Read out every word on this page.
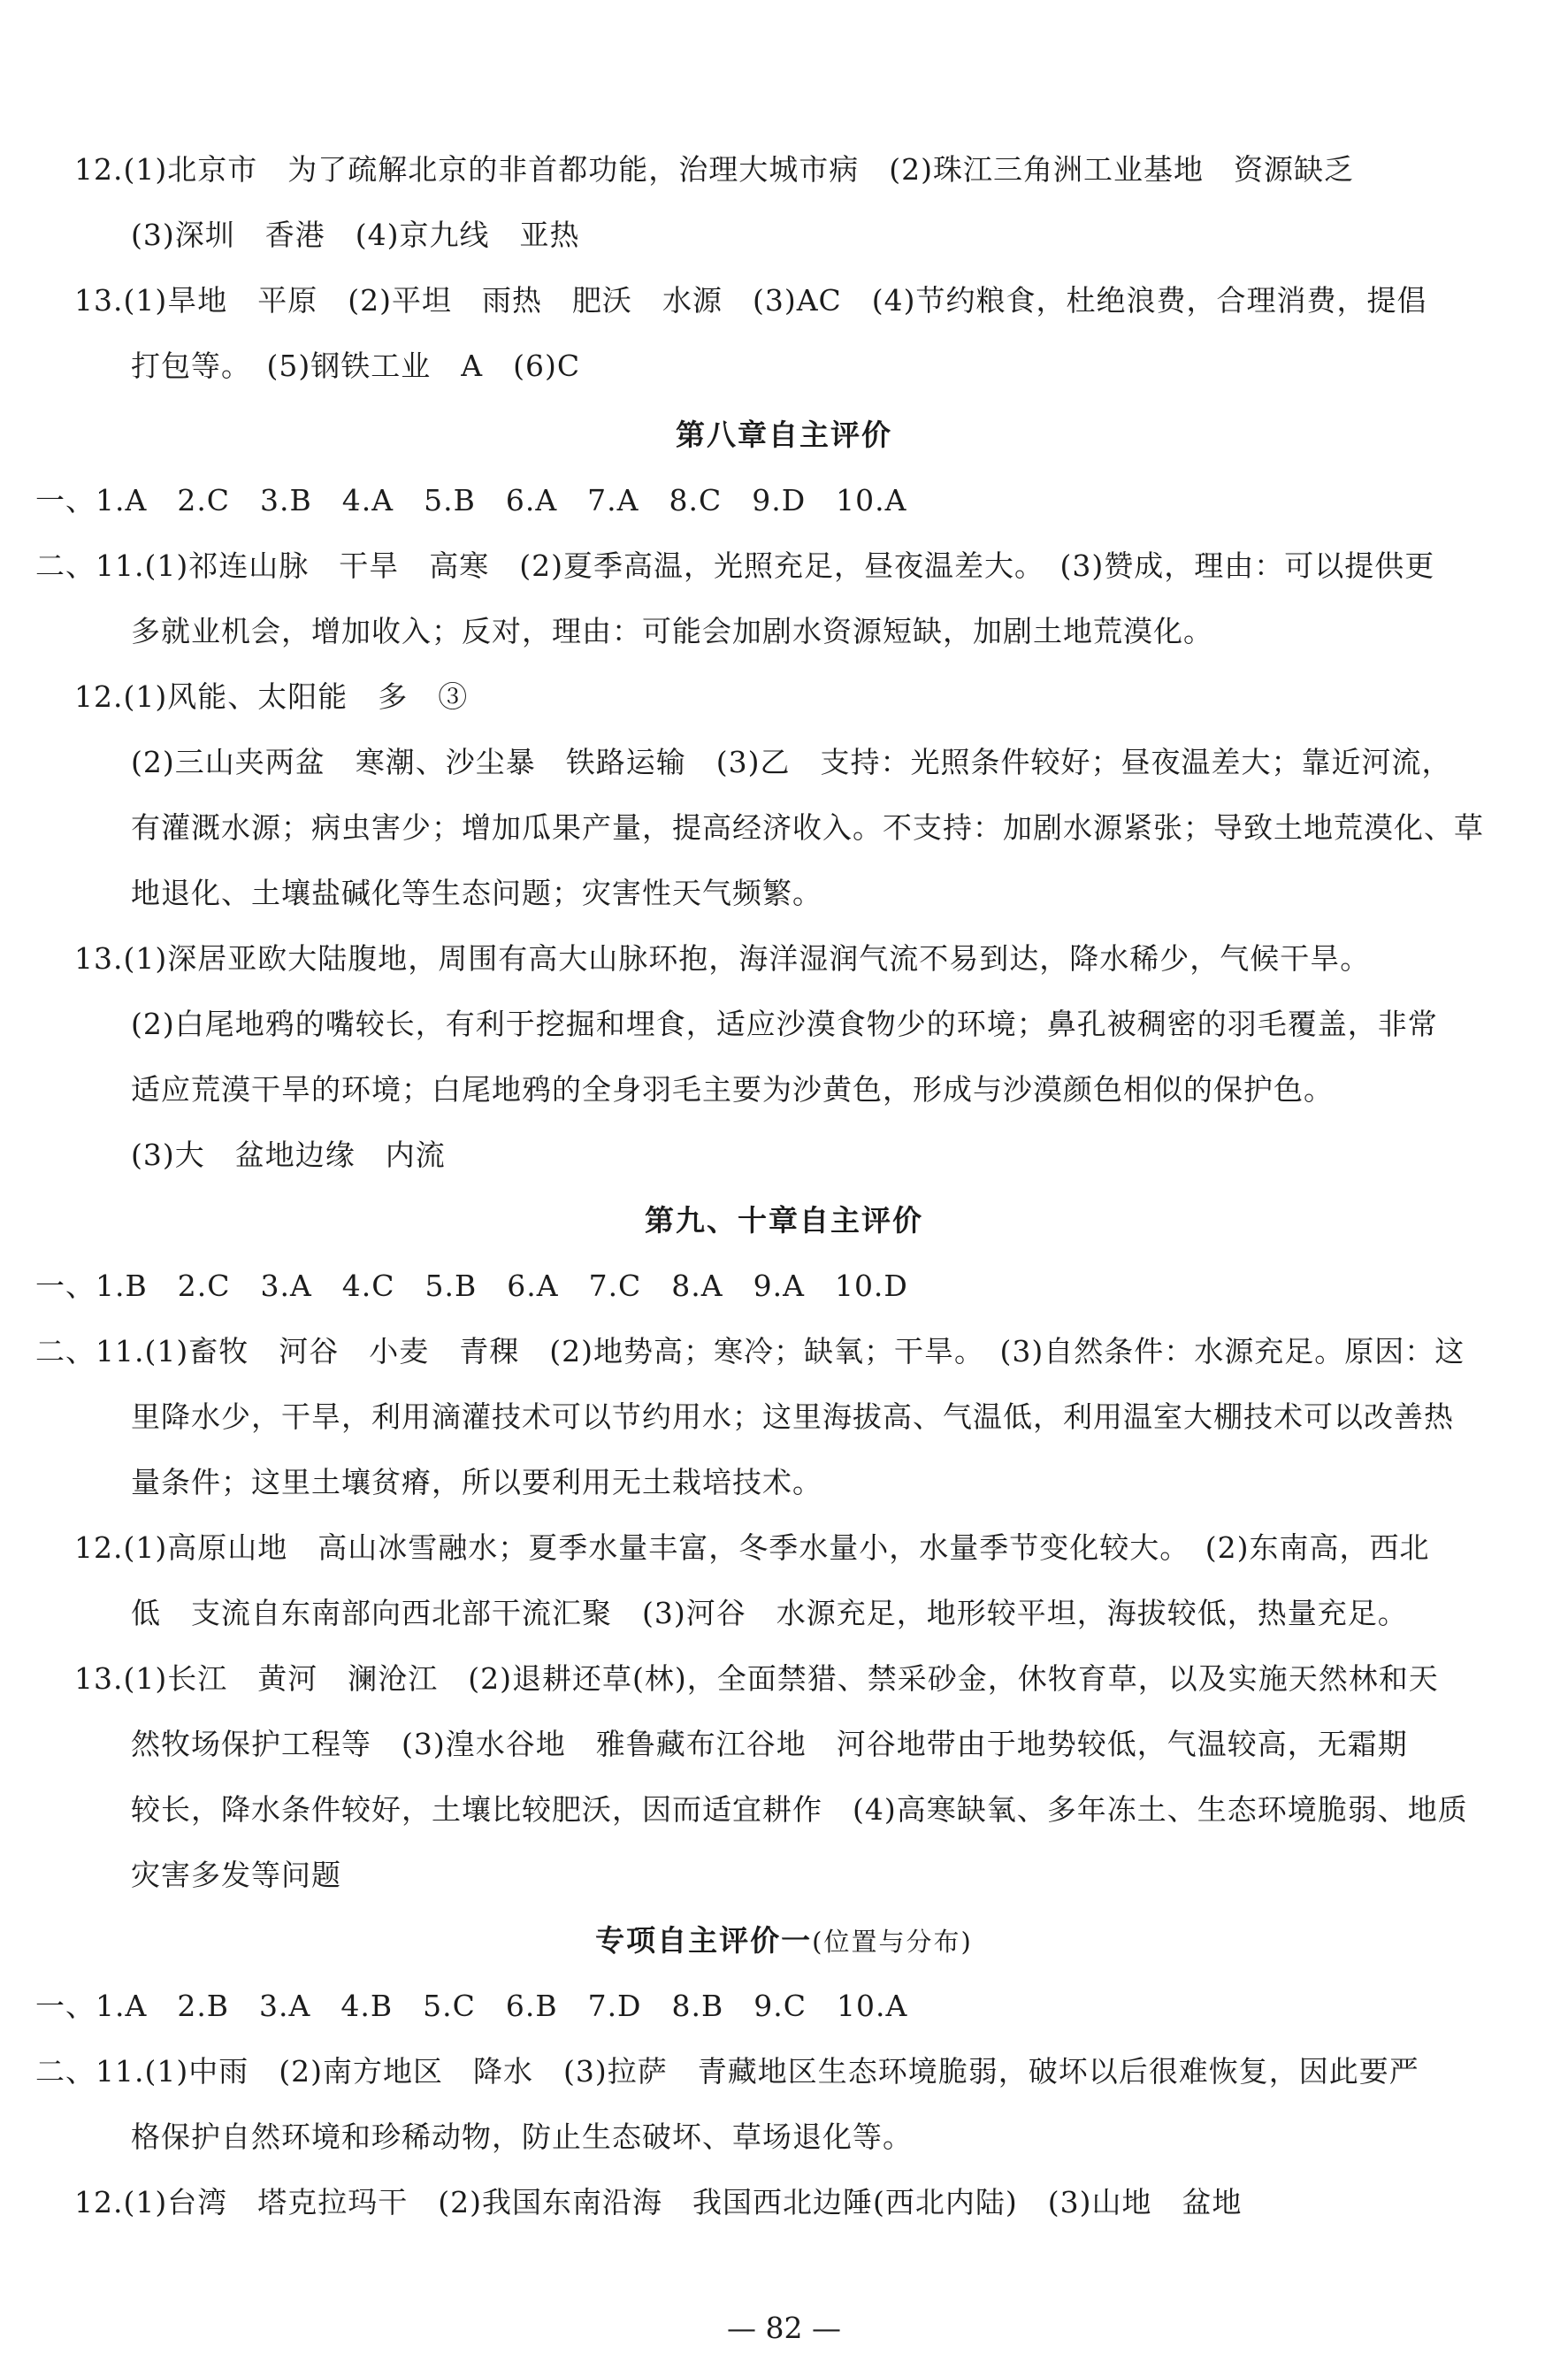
12.(1)北京市　为了疏解北京的非首都功能，治理大城市病　(2)珠江三角洲工业基地　资源缺乏
(3)深圳　香港　(4)京九线　亚热
13.(1)旱地　平原　(2)平坦　雨热　肥沃　水源　(3)AC　(4)节约粮食，杜绝浪费，合理消费，提倡
打包等。　(5)钢铁工业　A　(6)C
第八章自主评价
一、1.A　2.C　3.B　4.A　5.B　6.A　7.A　8.C　9.D　10.A
二、11.(1)祁连山脉　干旱　高寒　(2)夏季高温，光照充足，昼夜温差大。　(3)赞成，理由：可以提供更
多就业机会，增加收入；反对，理由：可能会加剧水资源短缺，加剧土地荒漠化。
12.(1)风能、太阳能　多　③
(2)三山夹两盆　寒潮、沙尘暴　铁路运输　(3)乙　支持：光照条件较好；昼夜温差大；靠近河流，
有灌溉水源；病虫害少；增加瓜果产量，提高经济收入。不支持：加剧水源紧张；导致土地荒漠化、草
地退化、土壤盐碱化等生态问题；灾害性天气频繁。
13.(1)深居亚欧大陆腹地，周围有高大山脉环抱，海洋湿润气流不易到达，降水稀少，气候干旱。
(2)白尾地鸦的嘴较长，有利于挖掘和埋食，适应沙漠食物少的环境；鼻孔被稠密的羽毛覆盖，非常
适应荒漠干旱的环境；白尾地鸦的全身羽毛主要为沙黄色，形成与沙漠颜色相似的保护色。
(3)大　盆地边缘　内流
第九、十章自主评价
一、1.B　2.C　3.A　4.C　5.B　6.A　7.C　8.A　9.A　10.D
二、11.(1)畜牧　河谷　小麦　青稞　(2)地势高；寒冷；缺氧；干旱。　(3)自然条件：水源充足。原因：这
里降水少，干旱，利用滴灌技术可以节约用水；这里海拔高、气温低，利用温室大棚技术可以改善热
量条件；这里土壤贫瘠，所以要利用无土栽培技术。
12.(1)高原山地　高山冰雪融水；夏季水量丰富，冬季水量小，水量季节变化较大。　(2)东南高，西北
低　支流自东南部向西北部干流汇聚　(3)河谷　水源充足，地形较平坦，海拔较低，热量充足。
13.(1)长江　黄河　澜沧江　(2)退耕还草(林)，全面禁猎、禁采砂金，休牧育草，以及实施天然林和天
然牧场保护工程等　(3)湟水谷地　雅鲁藏布江谷地　河谷地带由于地势较低，气温较高，无霜期
较长，降水条件较好，土壤比较肥沃，因而适宜耕作　(4)高寒缺氧、多年冻土、生态环境脆弱、地质
灾害多发等问题
专项自主评价一(位置与分布)
一、1.A　2.B　3.A　4.B　5.C　6.B　7.D　8.B　9.C　10.A
二、11.(1)中雨　(2)南方地区　降水　(3)拉萨　青藏地区生态环境脆弱，破坏以后很难恢复，因此要严
格保护自然环境和珍稀动物，防止生态破坏、草场退化等。
12.(1)台湾　塔克拉玛干　(2)我国东南沿海　我国西北边陲(西北内陆)　(3)山地　盆地
— 82 —
